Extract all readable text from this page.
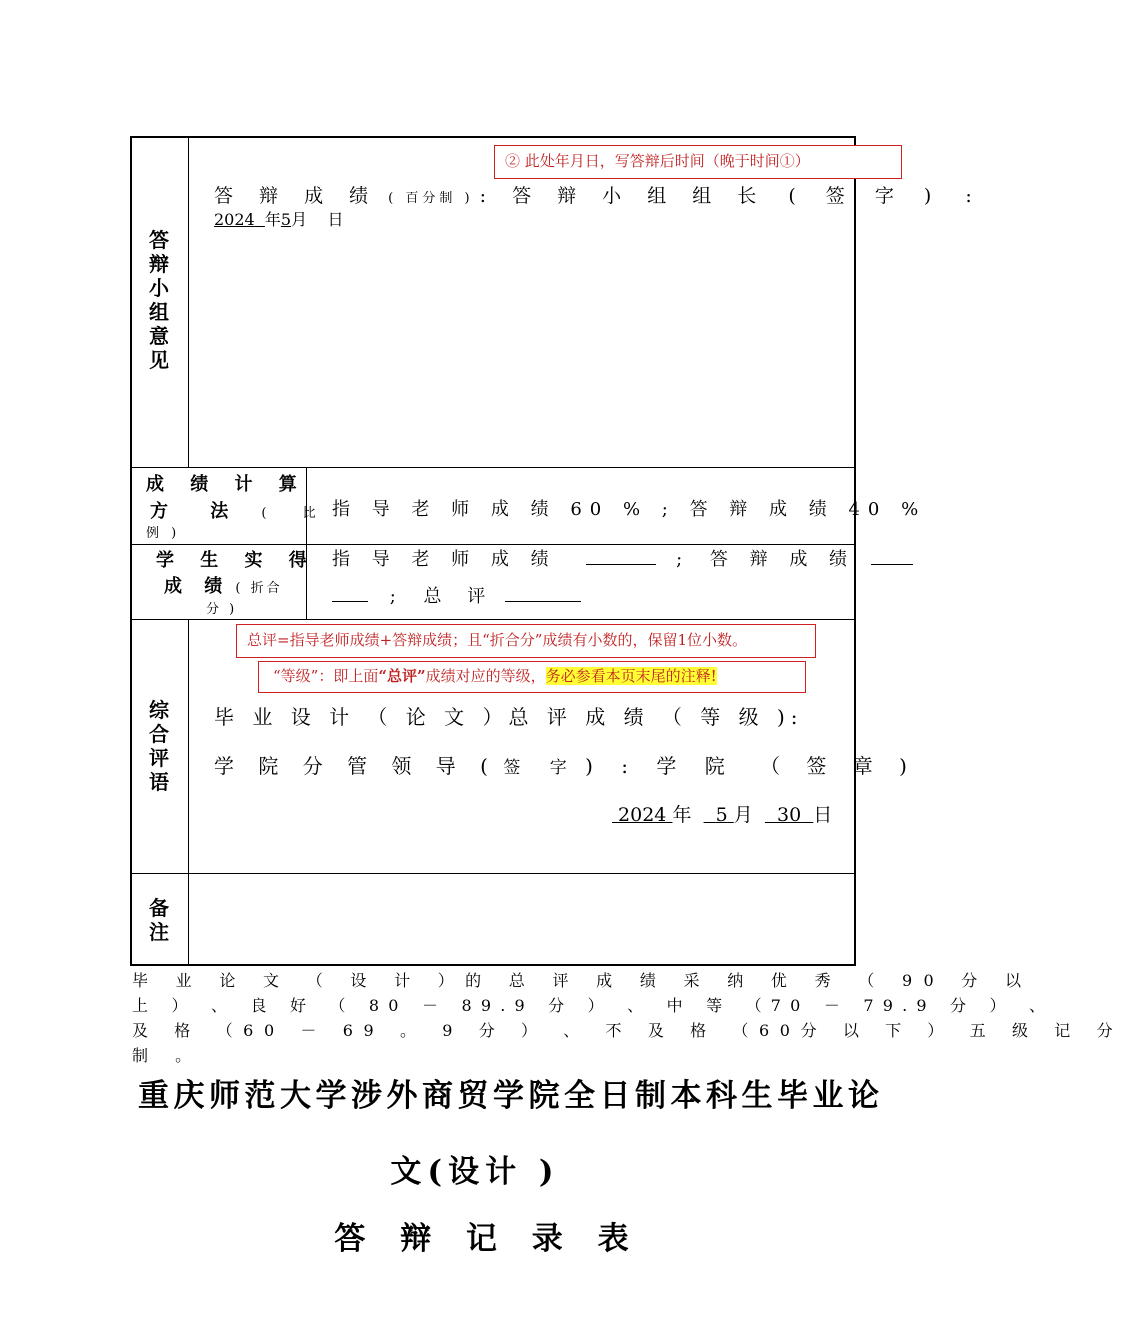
答
辩
小
组
意
见
② 此处年月日，写答辩后时间（晚于时间①）
答 辩 成 绩 ( 百分制 ) : 答 辩 小 组 组 长 ( 签 字 ) :
2024 年5月 日
成 绩 计 算
方 法 ( 比
例 )
指 导 老 师 成 绩 60 % ; 答 辩 成 绩 40 %
学 生 实 得
成 绩 ( 折合
分 )
指 导 老 师 成 绩	; 答 辩 成 绩
; 总 评
综
合
评
语
总评=指导老师成绩+答辩成绩；且“折合分”成绩有小数的，保留1位小数。
“等级”：即上面“总评”成绩对应的等级，务必参看本页末尾的注释!
毕 业 设 计 （ 论 文 ）总 评 成 绩 （ 等 级 ):
学 院 分 管 领 导 ( 签 字 ) : 学 院 （ 签 章 )
2024 年 5 月 30 日
备
注
毕 业 论 文 （ 设 计 ）的 总 评 成 绩 采 纳 优 秀 （ 90 分 以
上 ） 、 良 好 （ 80 － 89.9 分 ） 、 中 等 （70 － 79.9 分 ） 、
及 格 （60 － 69 。 9 分 ） 、 不 及 格 （60分 以 下 ） 五 级 记 分
制 。
重庆师范大学涉外商贸学院全日制本科生毕业论
文(设计 )
答 辩 记 录 表
